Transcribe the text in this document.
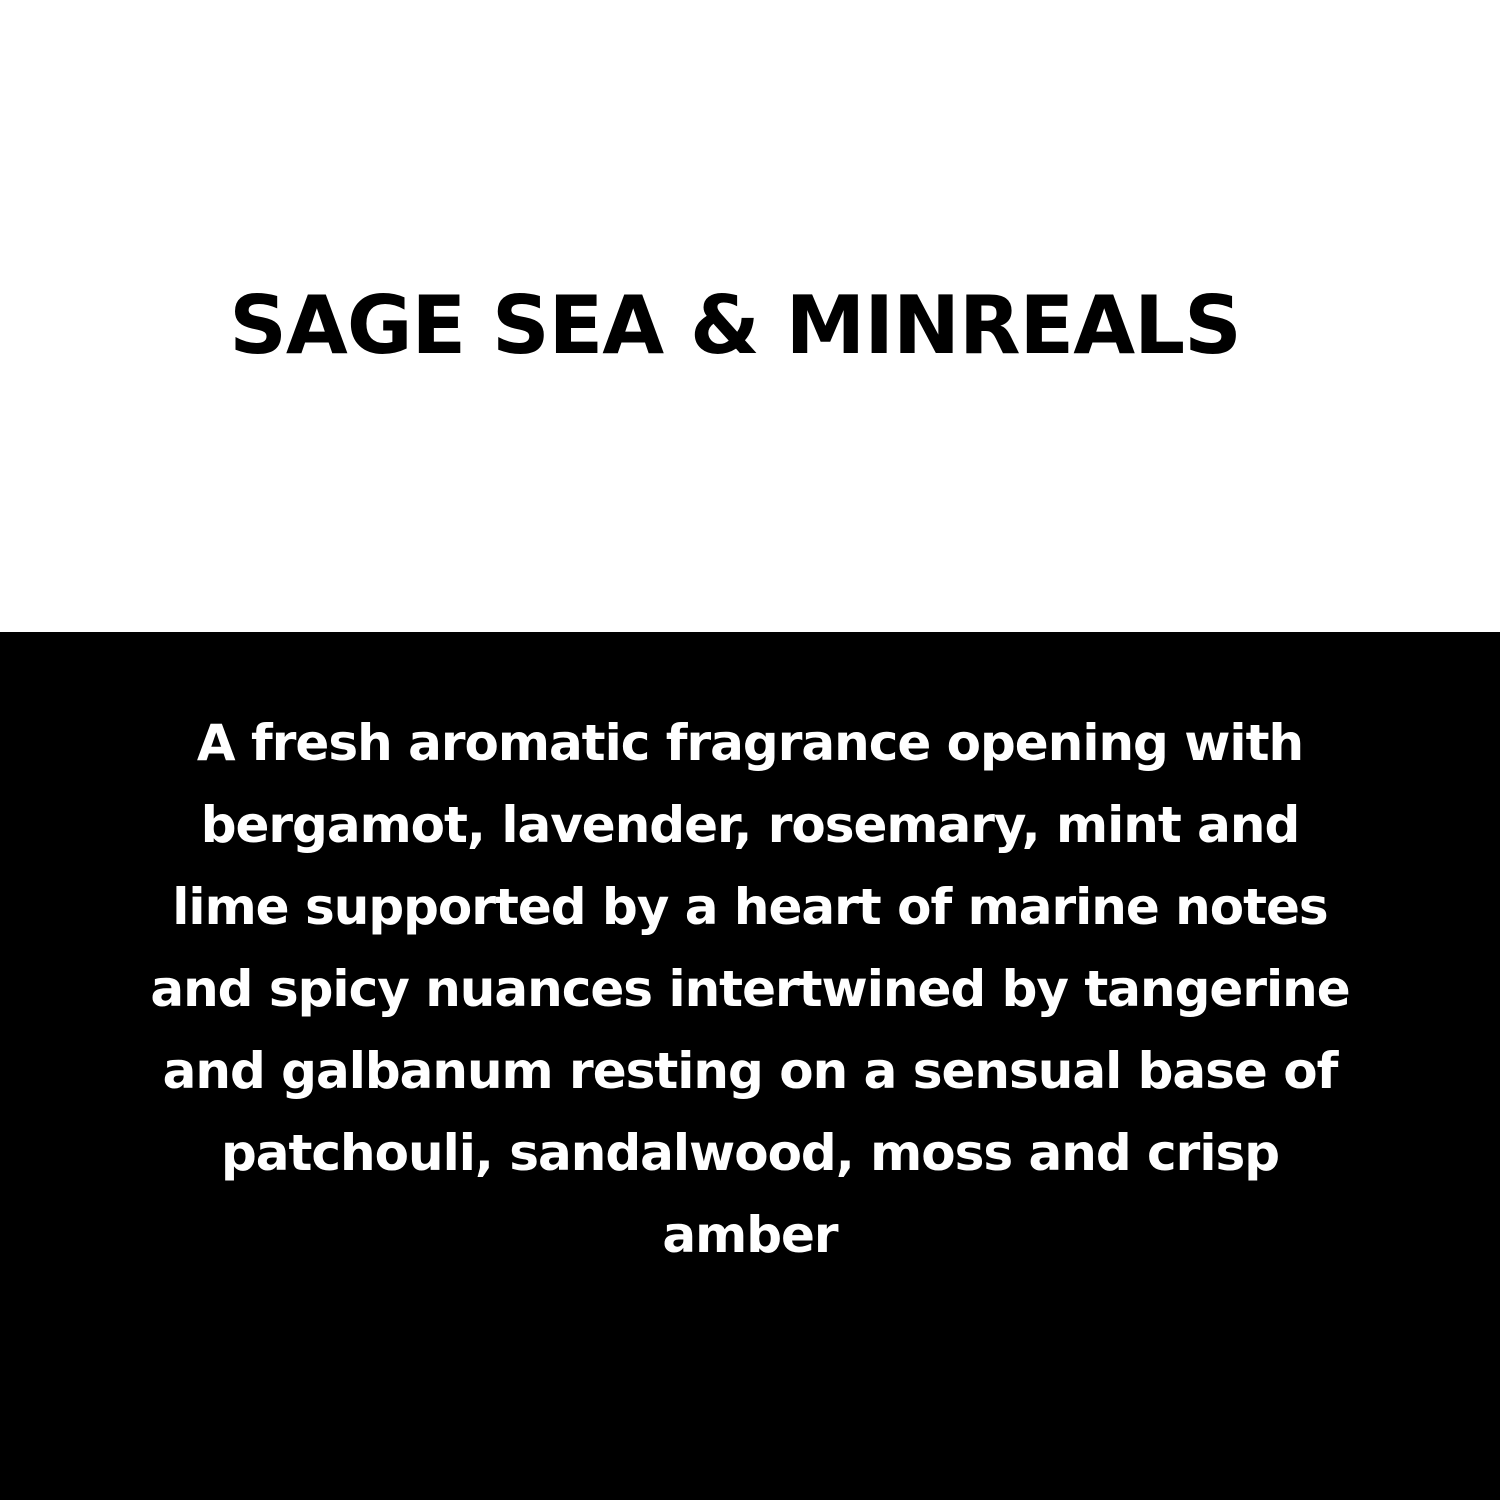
SAGE SEA & MINREALS
A fresh aromatic fragrance opening with
bergamot, lavender, rosemary, mint and
lime supported by a heart of marine notes
and spicy nuances intertwined by tangerine
and galbanum resting on a sensual base of
patchouli, sandalwood, moss and crisp
amber
